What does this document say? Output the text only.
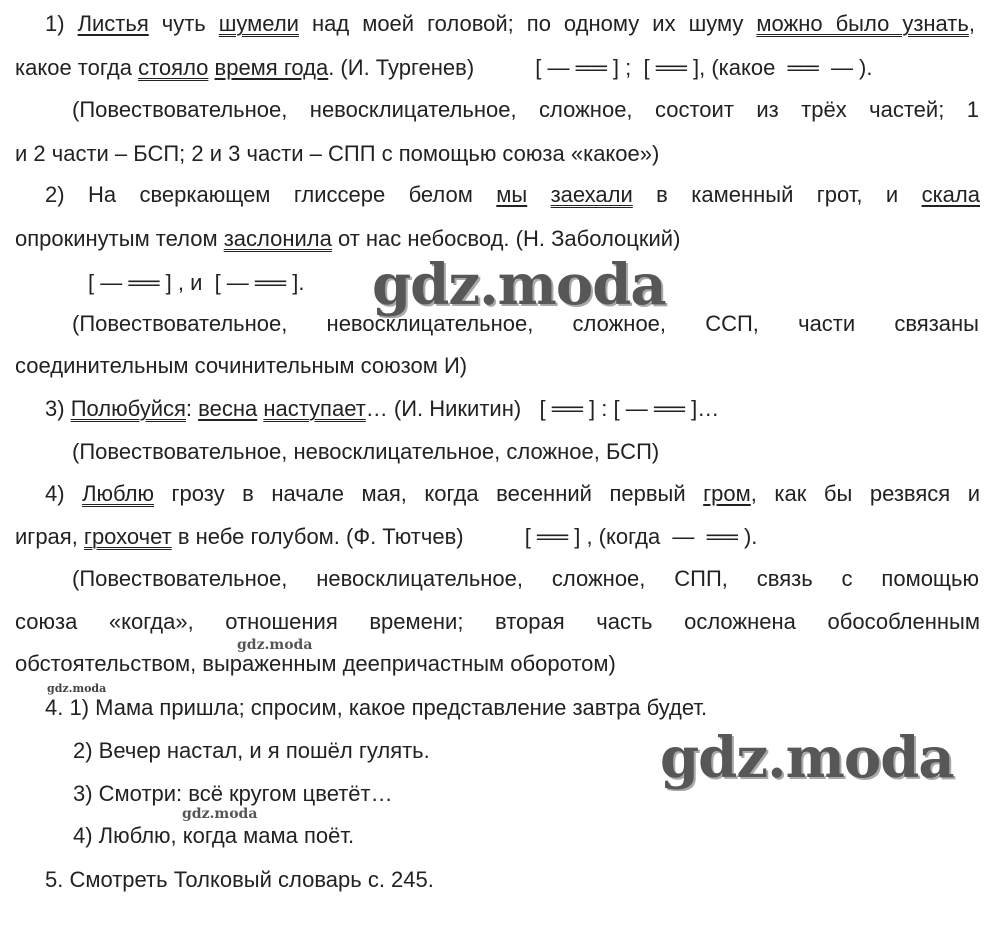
1) Листья чуть шумели над моей головой; по одному их шуму можно было узнать,
какое тогда стояло время года. (И. Тургенев)          [ — ══ ] ;  [ ══ ], (какое  ══  — ).
(Повествовательное, невосклицательное, сложное, состоит из трёх частей; 1
и 2 части – БСП; 2 и 3 части – СПП с помощью союза «какое»)
2) На сверкающем глиссере белом мы заехали в каменный грот, и скала
опрокинутым телом заслонила от нас небосвод. (Н. Заболоцкий)
[ — ══ ] , и  [ — ══ ].
(Повествовательное, невосклицательное, сложное, ССП, части связаны
соединительным сочинительным союзом И)
3) Полюбуйся: весна наступает… (И. Никитин)   [ ══ ] : [ — ══ ]…
(Повествовательное, невосклицательное, сложное, БСП)
4) Люблю грозу в начале мая, когда весенний первый гром, как бы резвяся и
играя, грохочет в небе голубом. (Ф. Тютчев)          [ ══ ] , (когда  —  ══ ).
(Повествовательное, невосклицательное, сложное, СПП, связь с помощью
союза «когда», отношения времени; вторая часть осложнена обособленным
обстоятельством, выраженным деепричастным оборотом)
4. 1) Мама пришла; спросим, какое представление завтра будет.
2) Вечер настал, и я пошёл гулять.
3) Смотри: всё кругом цветёт…
4) Люблю, когда мама поёт.
5. Смотреть Толковый словарь с. 245.
gdz.moda
gdz.moda
gdz.moda
gdz.moda
gdz.moda
